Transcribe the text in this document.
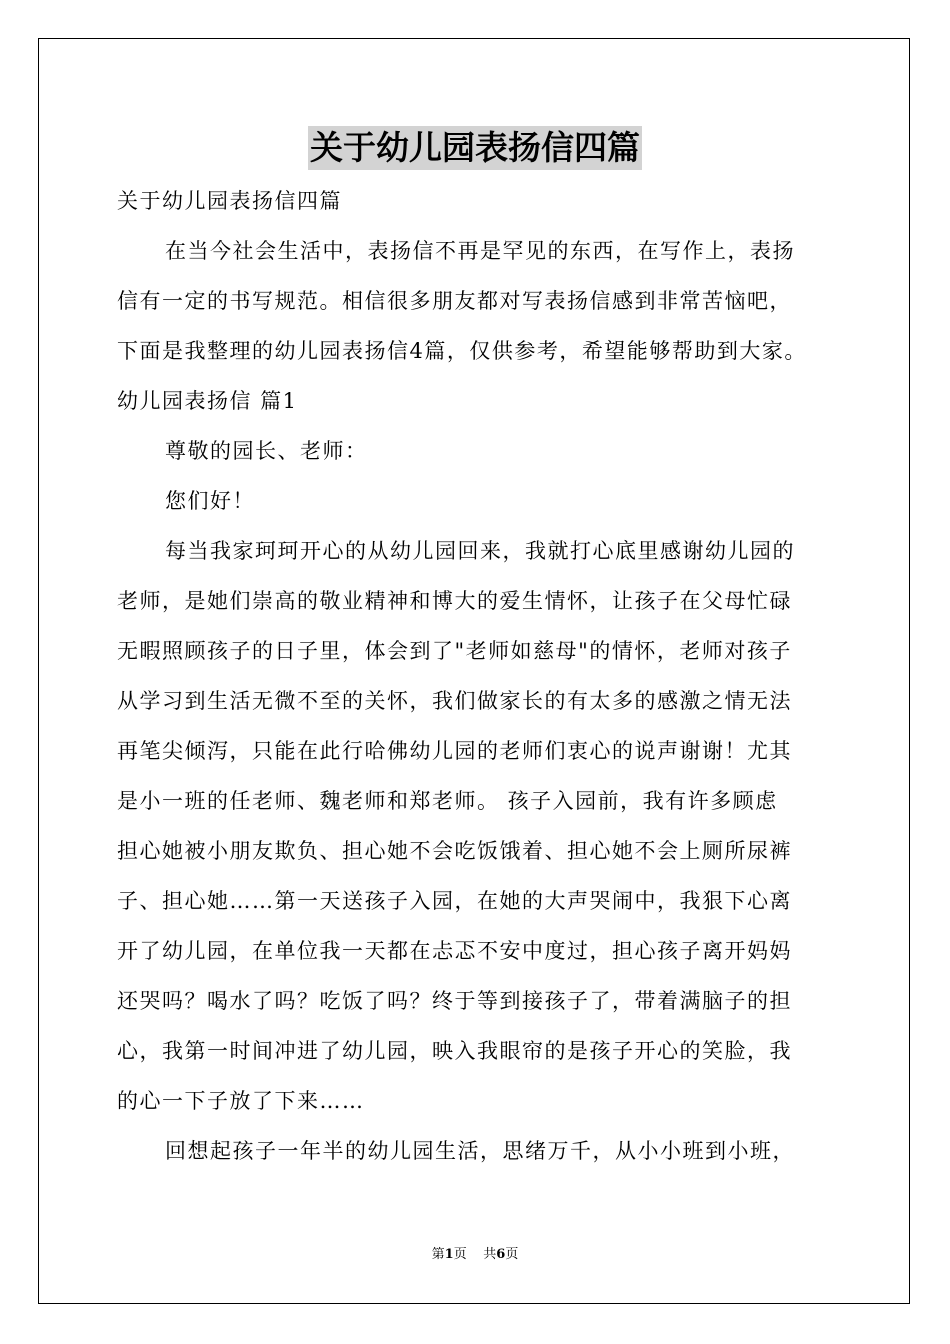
关于幼儿园表扬信四篇
关于幼儿园表扬信四篇
在当今社会生活中，表扬信不再是罕见的东西，在写作上，表扬
信有一定的书写规范。相信很多朋友都对写表扬信感到非常苦恼吧，
下面是我整理的幼儿园表扬信4篇，仅供参考，希望能够帮助到大家。
幼儿园表扬信 篇1
尊敬的园长、老师：
您们好！
每当我家珂珂开心的从幼儿园回来，我就打心底里感谢幼儿园的
老师，是她们崇高的敬业精神和博大的爱生情怀，让孩子在父母忙碌
无暇照顾孩子的日子里，体会到了"老师如慈母"的情怀，老师对孩子
从学习到生活无微不至的关怀，我们做家长的有太多的感激之情无法
再笔尖倾泻，只能在此行哈佛幼儿园的老师们衷心的说声谢谢！尤其
是小一班的任老师、魏老师和郑老师。 孩子入园前，我有许多顾虑
担心她被小朋友欺负、担心她不会吃饭饿着、担心她不会上厕所尿裤
子、担心她……第一天送孩子入园，在她的大声哭闹中，我狠下心离
开了幼儿园，在单位我一天都在忐忑不安中度过，担心孩子离开妈妈
还哭吗？喝水了吗？吃饭了吗？终于等到接孩子了，带着满脑子的担
心，我第一时间冲进了幼儿园，映入我眼帘的是孩子开心的笑脸，我
的心一下子放了下来……
回想起孩子一年半的幼儿园生活，思绪万千，从小小班到小班，
第1页 共6页
